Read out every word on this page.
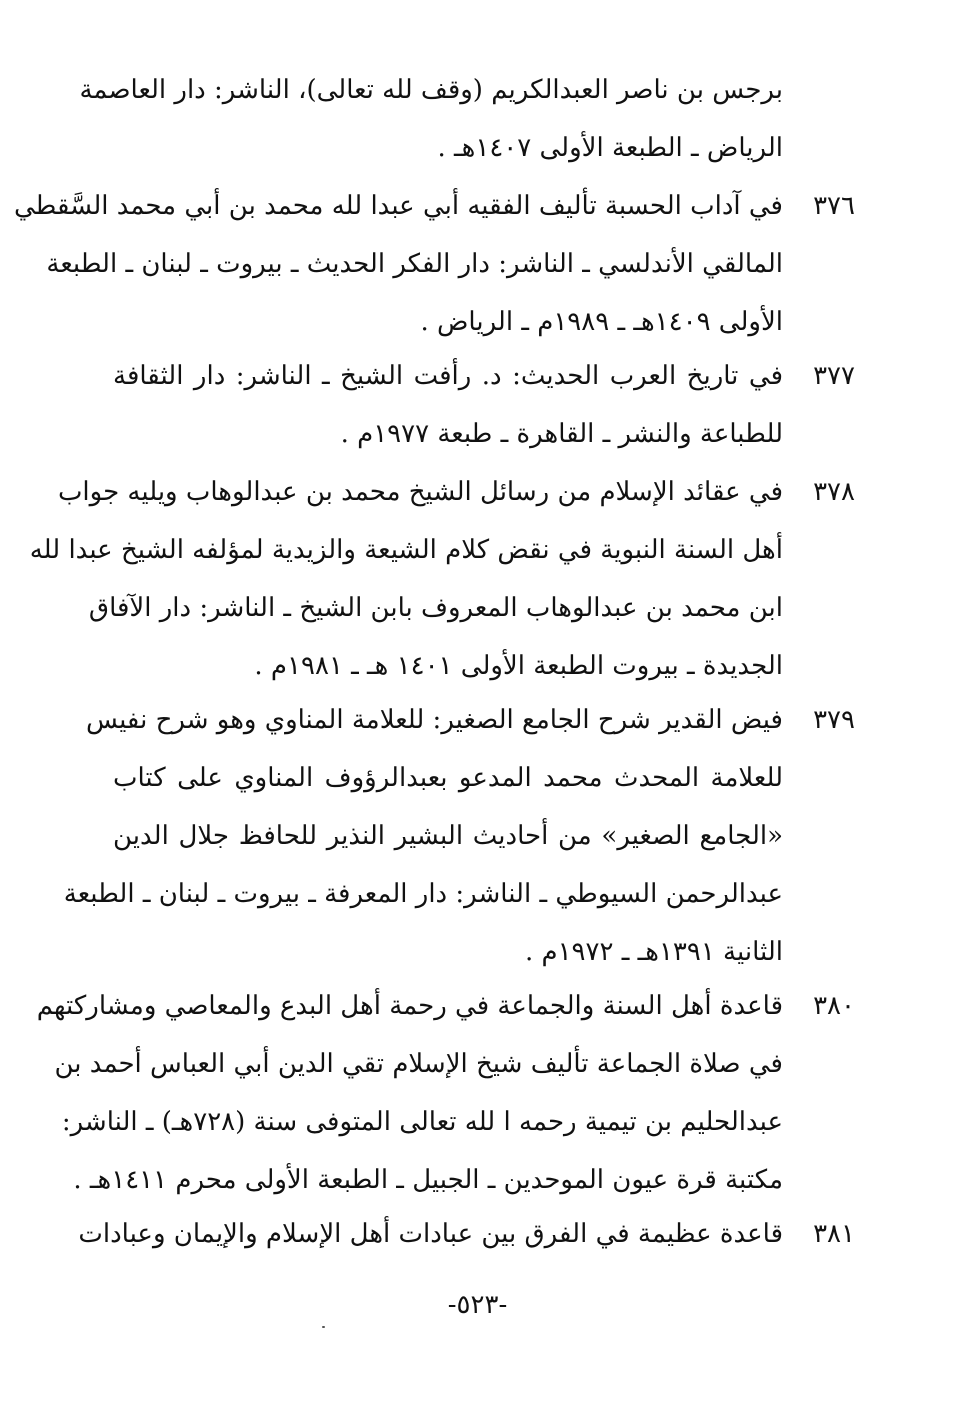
برجس بن ناصر العبدالكريم (وقف لله تعالى)، الناشر: دار العاصمة
الرياض ـ الطبعة الأولى ١٤٠٧هـ .
٣٧٦
في آداب الحسبة تأليف الفقيه أبي عبدا لله محمد بن أبي محمد السَّقطي
المالقي الأندلسي ـ الناشر: دار الفكر الحديث ـ بيروت ـ لبنان ـ الطبعة
الأولى ١٤٠٩هـ ـ ١٩٨٩م ـ الرياض .
٣٧٧
في تاريخ العرب الحديث: د. رأفت الشيخ ـ الناشر: دار الثقافة
للطباعة والنشر ـ القاهرة ـ طبعة ١٩٧٧م .
٣٧٨
في عقائد الإسلام من رسائل الشيخ محمد بن عبدالوهاب ويليه جواب
أهل السنة النبوية في نقض كلام الشيعة والزيدية لمؤلفه الشيخ عبدا لله
ابن محمد بن عبدالوهاب المعروف بابن الشيخ ـ الناشر: دار الآفاق
الجديدة ـ بيروت الطبعة الأولى ١٤٠١ هـ ـ ١٩٨١م .
٣٧٩
فيض القدير شرح الجامع الصغير: للعلامة المناوي وهو شرح نفيس
للعلامة المحدث محمد المدعو بعبدالرؤوف المناوي على كتاب
«الجامع الصغير» من أحاديث البشير النذير للحافظ جلال الدين
عبدالرحمن السيوطي ـ الناشر: دار المعرفة ـ بيروت ـ لبنان ـ الطبعة
الثانية ١٣٩١هـ ـ ١٩٧٢م .
٣٨٠
قاعدة أهل السنة والجماعة في رحمة أهل البدع والمعاصي ومشاركتهم
في صلاة الجماعة تأليف شيخ الإسلام تقي الدين أبي العباس أحمد بن
عبدالحليم بن تيمية رحمه ا لله تعالى المتوفى سنة (٧٢٨هـ) ـ الناشر:
مكتبة قرة عيون الموحدين ـ الجبيل ـ الطبعة الأولى محرم ١٤١١هـ .
٣٨١
قاعدة عظيمة في الفرق بين عبادات أهل الإسلام والإيمان وعبادات
-٥٢٣-
